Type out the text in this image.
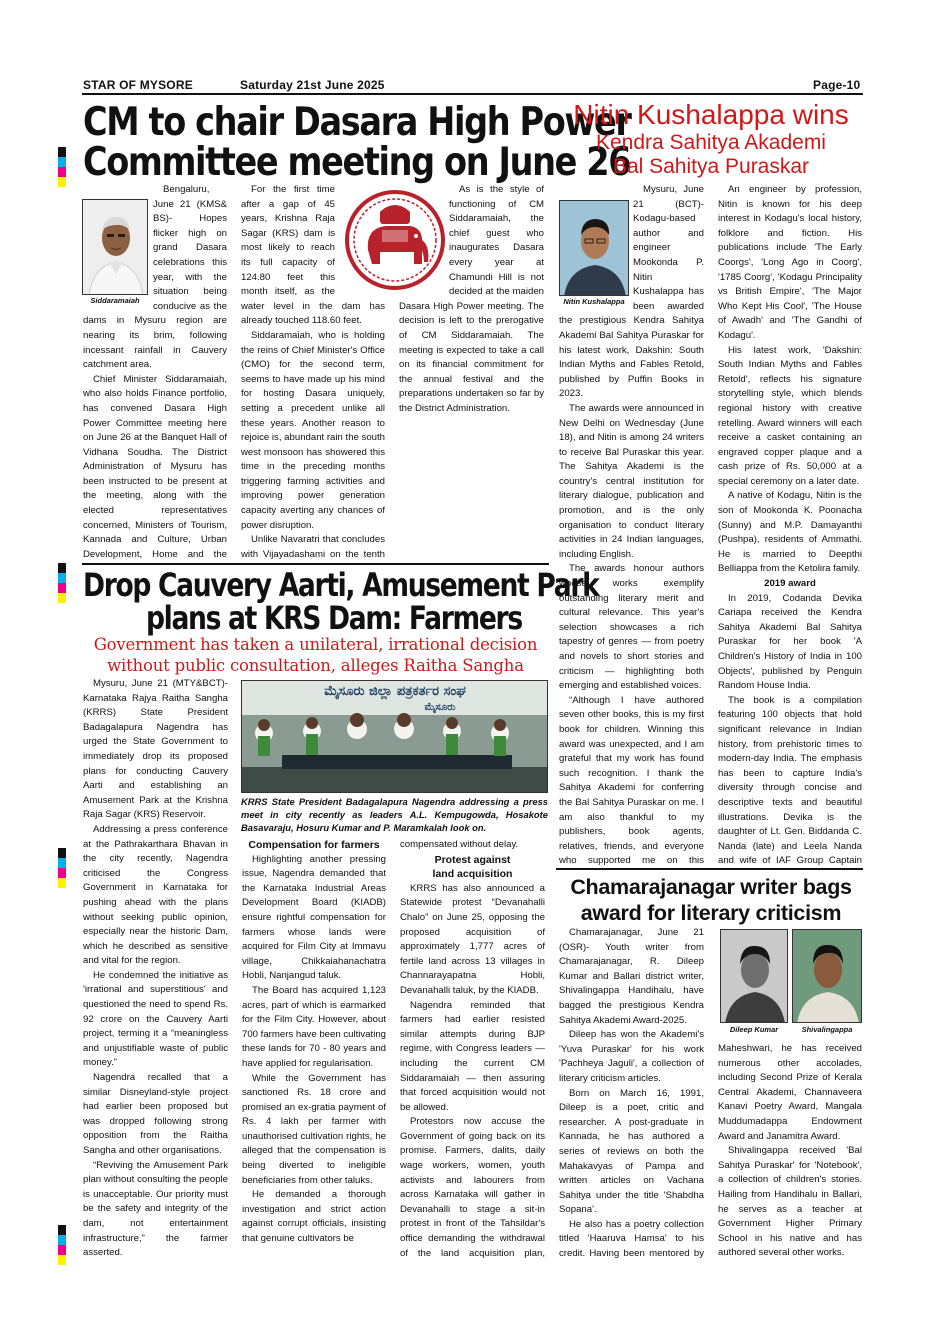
STAR OF MYSORE	Saturday 21st June 2025	Page-10
CM to chair Dasara High Power
Committee meeting on June 26
Siddaramaiah

Bengaluru, June 21 (KMS& BS)- Hopes flicker high on grand Dasara celebrations this year, with the situation being conducive as the dams in Mysuru region are nearing its brim, following incessant rainfall in Cauvery catchment area.

Chief Minister Siddaramaiah, who also holds Finance portfolio, has convened Dasara High Power Committee meeting here on June 26 at the Banquet Hall of Vidhana Soudha. The District Administration of Mysuru has been instructed to be present at the meeting, along with the elected representatives concerned, Ministers of Tourism, Kannada and Culture, Urban Development, Home and the

For the first time after a gap of 45 years, Krishna Raja Sagar (KRS) dam is most likely to reach its full capacity of 124.80 feet this month itself, as the water level in the dam has already touched 118.60 feet.

Siddaramaiah, who is holding the reins of Chief Minister's Office (CMO) for the second term, seems to have made up his mind for hosting Dasara uniquely, setting a precedent unlike all these years. Another reason to rejoice is, abundant rain the south west monsoon has showered this time in the preceding months triggering farming activities and improving power generation capacity averting any chances of power disruption.

Unlike Navaratri that concludes with Vijayadashami on the tenth

As is the style of functioning of CM Siddaramaiah, the chief guest who inaugurates Dasara every year at Chamundi Hill is not decided at the maiden Dasara High Power meeting. The decision is left to the prerogative of CM Siddaramaiah. The meeting is expected to take a call on its financial commitment for the annual festival and the preparations undertaken so far by the District Administration.

Nitin Kushalappa wins
Kendra Sahitya Akademi
Bal Sahitya Puraskar
Nitin Kushalappa

Mysuru, June 21 (BCT)- Kodagu-based author and engineer Mookonda P. Nitin Kushalappa has been awarded the prestigious Kendra Sahitya Akademi Bal Sahitya Puraskar for his latest work, Dakshin: South Indian Myths and Fables Retold, published by Puffin Books in 2023.

The awards were announced in New Delhi on Wednesday (June 18), and Nitin is among 24 writers to receive Bal Puraskar this year. The Sahitya Akademi is the country's central institution for literary dialogue, publication and promotion, and is the only organisation to conduct literary activities in 24 Indian languages, including English.

The awards honour authors whose works exemplify outstanding literary merit and cultural relevance. This year's selection showcases a rich tapestry of genres — from poetry and novels to short stories and criticism — highlighting both emerging and established voices.

“Although I have authored seven other books, this is my first book for children. Winning this award was unexpected, and I am grateful that my work has found such recognition. I thank the Sahitya Akademi for conferring the Bal Sahitya Puraskar on me. I am also thankful to my publishers, book agents, relatives, friends, and everyone who supported me on this

An engineer by profession, Nitin is known for his deep interest in Kodagu's local history, folklore and fiction. His publications include 'The Early Coorgs', 'Long Ago in Coorg', '1785 Coorg', 'Kodagu Principality vs British Empire', 'The Major Who Kept His Cool', 'The House of Awadh' and 'The Gandhi of Kodagu'.

His latest work, 'Dakshin: South Indian Myths and Fables Retold', reflects his signature storytelling style, which blends regional history with creative retelling. Award winners will each receive a casket containing an engraved copper plaque and a cash prize of Rs. 50,000 at a special ceremony on a later date.

A native of Kodagu, Nitin is the son of Mookonda K. Poonacha (Sunny) and M.P. Damayanthi (Pushpa), residents of Ammathi. He is married to Deepthi Belliappa from the Ketolira family.

2019 award

In 2019, Codanda Devika Cariapa received the Kendra Sahitya Akademi Bal Sahitya Puraskar for her book 'A Children's History of India in 100 Objects', published by Penguin Random House India.

The book is a compilation featuring 100 objects that hold significant relevance in Indian history, from prehistoric times to modern-day India. The emphasis has been to capture India's diversity through concise and descriptive texts and beautiful illustrations. Devika is the daughter of Lt. Gen. Biddanda C. Nanda (late) and Leela Nanda and wife of IAF Group Captain

Drop Cauvery Aarti, Amusement Park
plans at KRS Dam: Farmers
Government has taken a unilateral, irrational decision
without public consultation, alleges Raitha Sangha
ಮೈಸೂರು ಜಿಲ್ಲಾ ಪತ್ರಕರ್ತರ ಸಂಘ
ಮೈಸೂರು
KRRS State President Badagalapura Nagendra addressing a press meet in city recently as leaders A.L. Kempugowda, Hosakote Basavaraju, Hosuru Kumar and P. Maramkalah look on.

Mysuru, June 21 (MTY&BCT)- Karnataka Rajya Raitha Sangha (KRRS) State President Badagalapura Nagendra has urged the State Government to immediately drop its proposed plans for conducting Cauvery Aarti and establishing an Amusement Park at the Krishna Raja Sagar (KRS) Reservoir.

Addressing a press conference at the Pathrakarthara Bhavan in the city recently, Nagendra criticised the Congress Government in Karnataka for pushing ahead with the plans without seeking public opinion, especially near the historic Dam, which he described as sensitive and vital for the region.

He condemned the initiative as 'irrational and superstitious' and questioned the need to spend Rs. 92 crore on the Cauvery Aarti project, terming it a “meaningless and unjustifiable waste of public money.”

Nagendra recalled that a similar Disneyland-style project had earlier been proposed but was dropped following strong opposition from the Raitha Sangha and other organisations.

“Reviving the Amusement Park plan without consulting the people is unacceptable. Our priority must be the safety and integrity of the dam, not entertainment infrastructure,” the farmer asserted.

Compensation for farmers

Highlighting another pressing issue, Nagendra demanded that the Karnataka Industrial Areas Development Board (KIADB) ensure rightful compensation for farmers whose lands were acquired for Film City at Immavu village, Chikkaiahanachatra Hobli, Nanjangud taluk.

The Board has acquired 1,123 acres, part of which is earmarked for the Film City. However, about 700 farmers have been cultivating these lands for 70 - 80 years and have applied for regularisation.

While the Government has sanctioned Rs. 18 crore and promised an ex-gratia payment of Rs. 4 lakh per farmer with unauthorised cultivation rights, he alleged that the compensation is being diverted to ineligible beneficiaries from other taluks.

He demanded a thorough investigation and strict action against corrupt officials, insisting that genuine cultivators be

compensated without delay.
Protest against
land acquisition

KRRS has also announced a Statewide protest “Devanahalli Chalo” on June 25, opposing the proposed acquisition of approximately 1,777 acres of fertile land across 13 villages in Channarayapatna Hobli, Devanahalli taluk, by the KIADB.

Nagendra reminded that farmers had earlier resisted similar attempts during BJP regime, with Congress leaders — including the current CM Siddaramaiah — then assuring that forced acquisition would not be allowed.

Protestors now accuse the Government of going back on its promise. Farmers, dalits, daily wage workers, women, youth activists and labourers from across Karnataka will gather in Devanahalli to stage a sit-in protest in front of the Tahsildar's office demanding the withdrawal of the land acquisition plan,

Chamarajanagar writer bags
award for literary criticism
Dileep Kumar	Shivalingappa

Chamarajanagar, June 21 (OSR)- Youth writer from Chamarajanagar, R. Dileep Kumar and Ballari district writer, Shivalingappa Handihalu, have bagged the prestigious Kendra Sahitya Akademi Award-2025.

Dileep has won the Akademi's 'Yuva Puraskar' for his work 'Pachheya Jaguli', a collection of literary criticism articles.

Born on March 16, 1991, Dileep is a poet, critic and researcher. A post-graduate in Kannada, he has authored a series of reviews on both the Mahakavyas of Pampa and written articles on Vachana Sahitya under the title 'Shabdha Sopana'.

He also has a poetry collection titled 'Haaruva Hamsa' to his credit. Having been mentored by

Maheshwari, he has received numerous other accolades, including Second Prize of Kerala Central Akademi, Channaveera Kanavi Poetry Award, Mangala Muddumadappa Endowment Award and Janamitra Award.

Shivalingappa received 'Bal Sahitya Puraskar' for 'Notebook', a collection of children's stories. Hailing from Handihalu in Ballari, he serves as a teacher at Government Higher Primary School in his native and has authored several other works.
